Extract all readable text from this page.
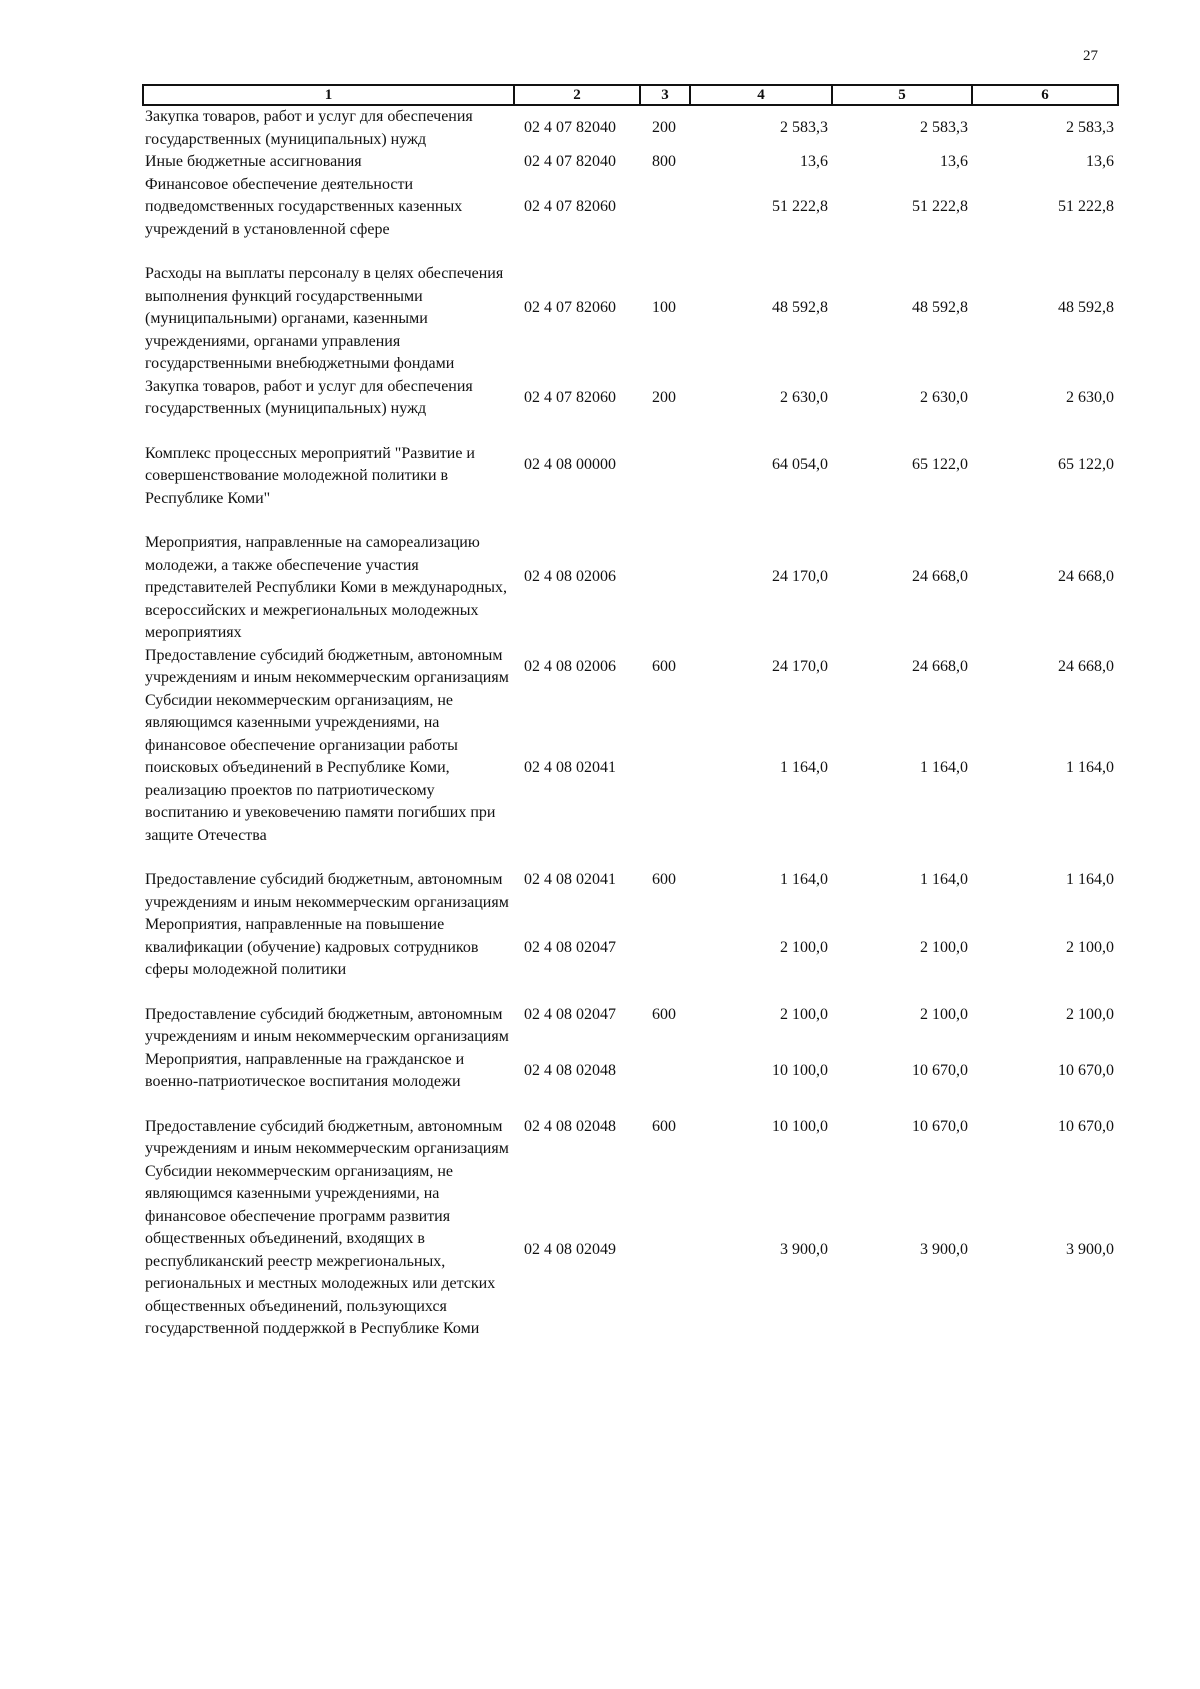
27
1	2	3	4	5	6
Закупка товаров, работ и услуг для обеспечения государственных (муниципальных) нужд	02 4 07 82040	200	2 583,3	2 583,3	2 583,3
Иные бюджетные ассигнования	02 4 07 82040	800	13,6	13,6	13,6
Финансовое обеспечение деятельности подведомственных государственных казенных учреждений в установленной сфере	02 4 07 82060		51 222,8	51 222,8	51 222,8
Расходы на выплаты персоналу в целях обеспечения выполнения функций государственными (муниципальными) органами, казенными учреждениями, органами управления государственными внебюджетными фондами	02 4 07 82060	100	48 592,8	48 592,8	48 592,8
Закупка товаров, работ и услуг для обеспечения государственных (муниципальных) нужд	02 4 07 82060	200	2 630,0	2 630,0	2 630,0
Комплекс процессных мероприятий "Развитие и совершенствование молодежной политики в Республике Коми"	02 4 08 00000		64 054,0	65 122,0	65 122,0
Мероприятия, направленные на самореализацию молодежи, а также обеспечение участия представителей Республики Коми в международных, всероссийских и межрегиональных молодежных мероприятиях	02 4 08 02006		24 170,0	24 668,0	24 668,0
Предоставление субсидий бюджетным, автономным учреждениям и иным некоммерческим организациям	02 4 08 02006	600	24 170,0	24 668,0	24 668,0
Субсидии некоммерческим организациям, не являющимся казенными учреждениями, на финансовое обеспечение организации работы поисковых объединений в Республике Коми, реализацию проектов по патриотическому воспитанию и увековечению памяти погибших при защите Отечества	02 4 08 02041		1 164,0	1 164,0	1 164,0
Предоставление субсидий бюджетным, автономным учреждениям и иным некоммерческим организациям	02 4 08 02041	600	1 164,0	1 164,0	1 164,0
Мероприятия, направленные на повышение квалификации (обучение) кадровых сотрудников сферы молодежной политики	02 4 08 02047		2 100,0	2 100,0	2 100,0
Предоставление субсидий бюджетным, автономным учреждениям и иным некоммерческим организациям	02 4 08 02047	600	2 100,0	2 100,0	2 100,0
Мероприятия, направленные на гражданское и военно-патриотическое воспитания молодежи	02 4 08 02048		10 100,0	10 670,0	10 670,0
Предоставление субсидий бюджетным, автономным учреждениям и иным некоммерческим организациям	02 4 08 02048	600	10 100,0	10 670,0	10 670,0
Субсидии некоммерческим организациям, не являющимся казенными учреждениями, на финансовое обеспечение программ развития общественных объединений, входящих в республиканский реестр межрегиональных, региональных и местных молодежных или детских общественных объединений, пользующихся государственной поддержкой в Республике Коми	02 4 08 02049		3 900,0	3 900,0	3 900,0
